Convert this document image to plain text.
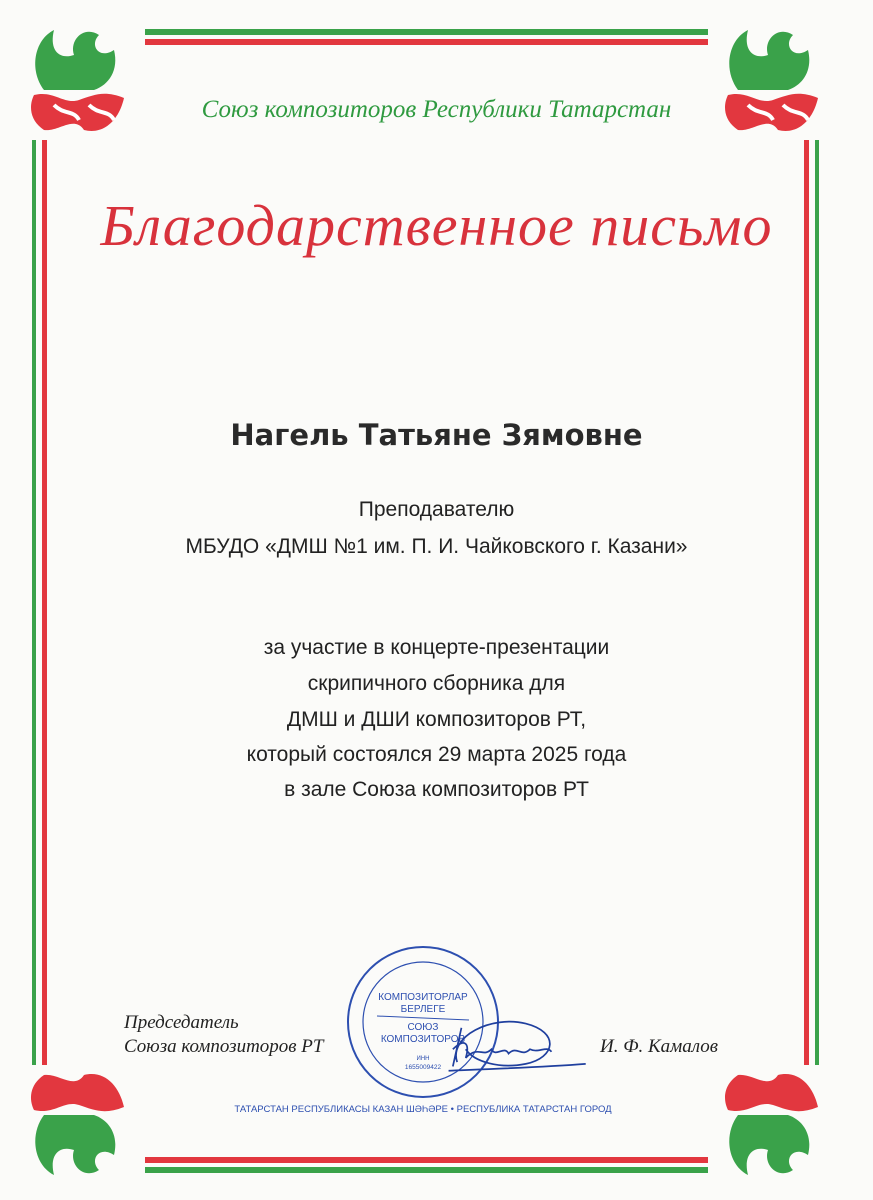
Союз композиторов Республики Татарстан
Благодарственное письмо
Нагель Татьяне Зямовне
Преподавателю
МБУДО «ДМШ №1 им. П. И. Чайковского г. Казани»
за участие в концерте-презентации
скрипичного сборника для
ДМШ и ДШИ композиторов РТ,
который состоялся 29 марта 2025 года
в зале Союза композиторов РТ
Председатель
Союза композиторов РТ	И. Ф. Камалов
КОМПОЗИТОРЛАР
БЕРЛЕГЕ
СОЮЗ
КОМПОЗИТОРОВ
ИНН
1655009422
ТАТАРСТАН РЕСПУБЛИКАСЫ КАЗАН ШӘҺӘРЕ • РЕСПУБЛИКА ТАТАРСТАН ГОРОД
